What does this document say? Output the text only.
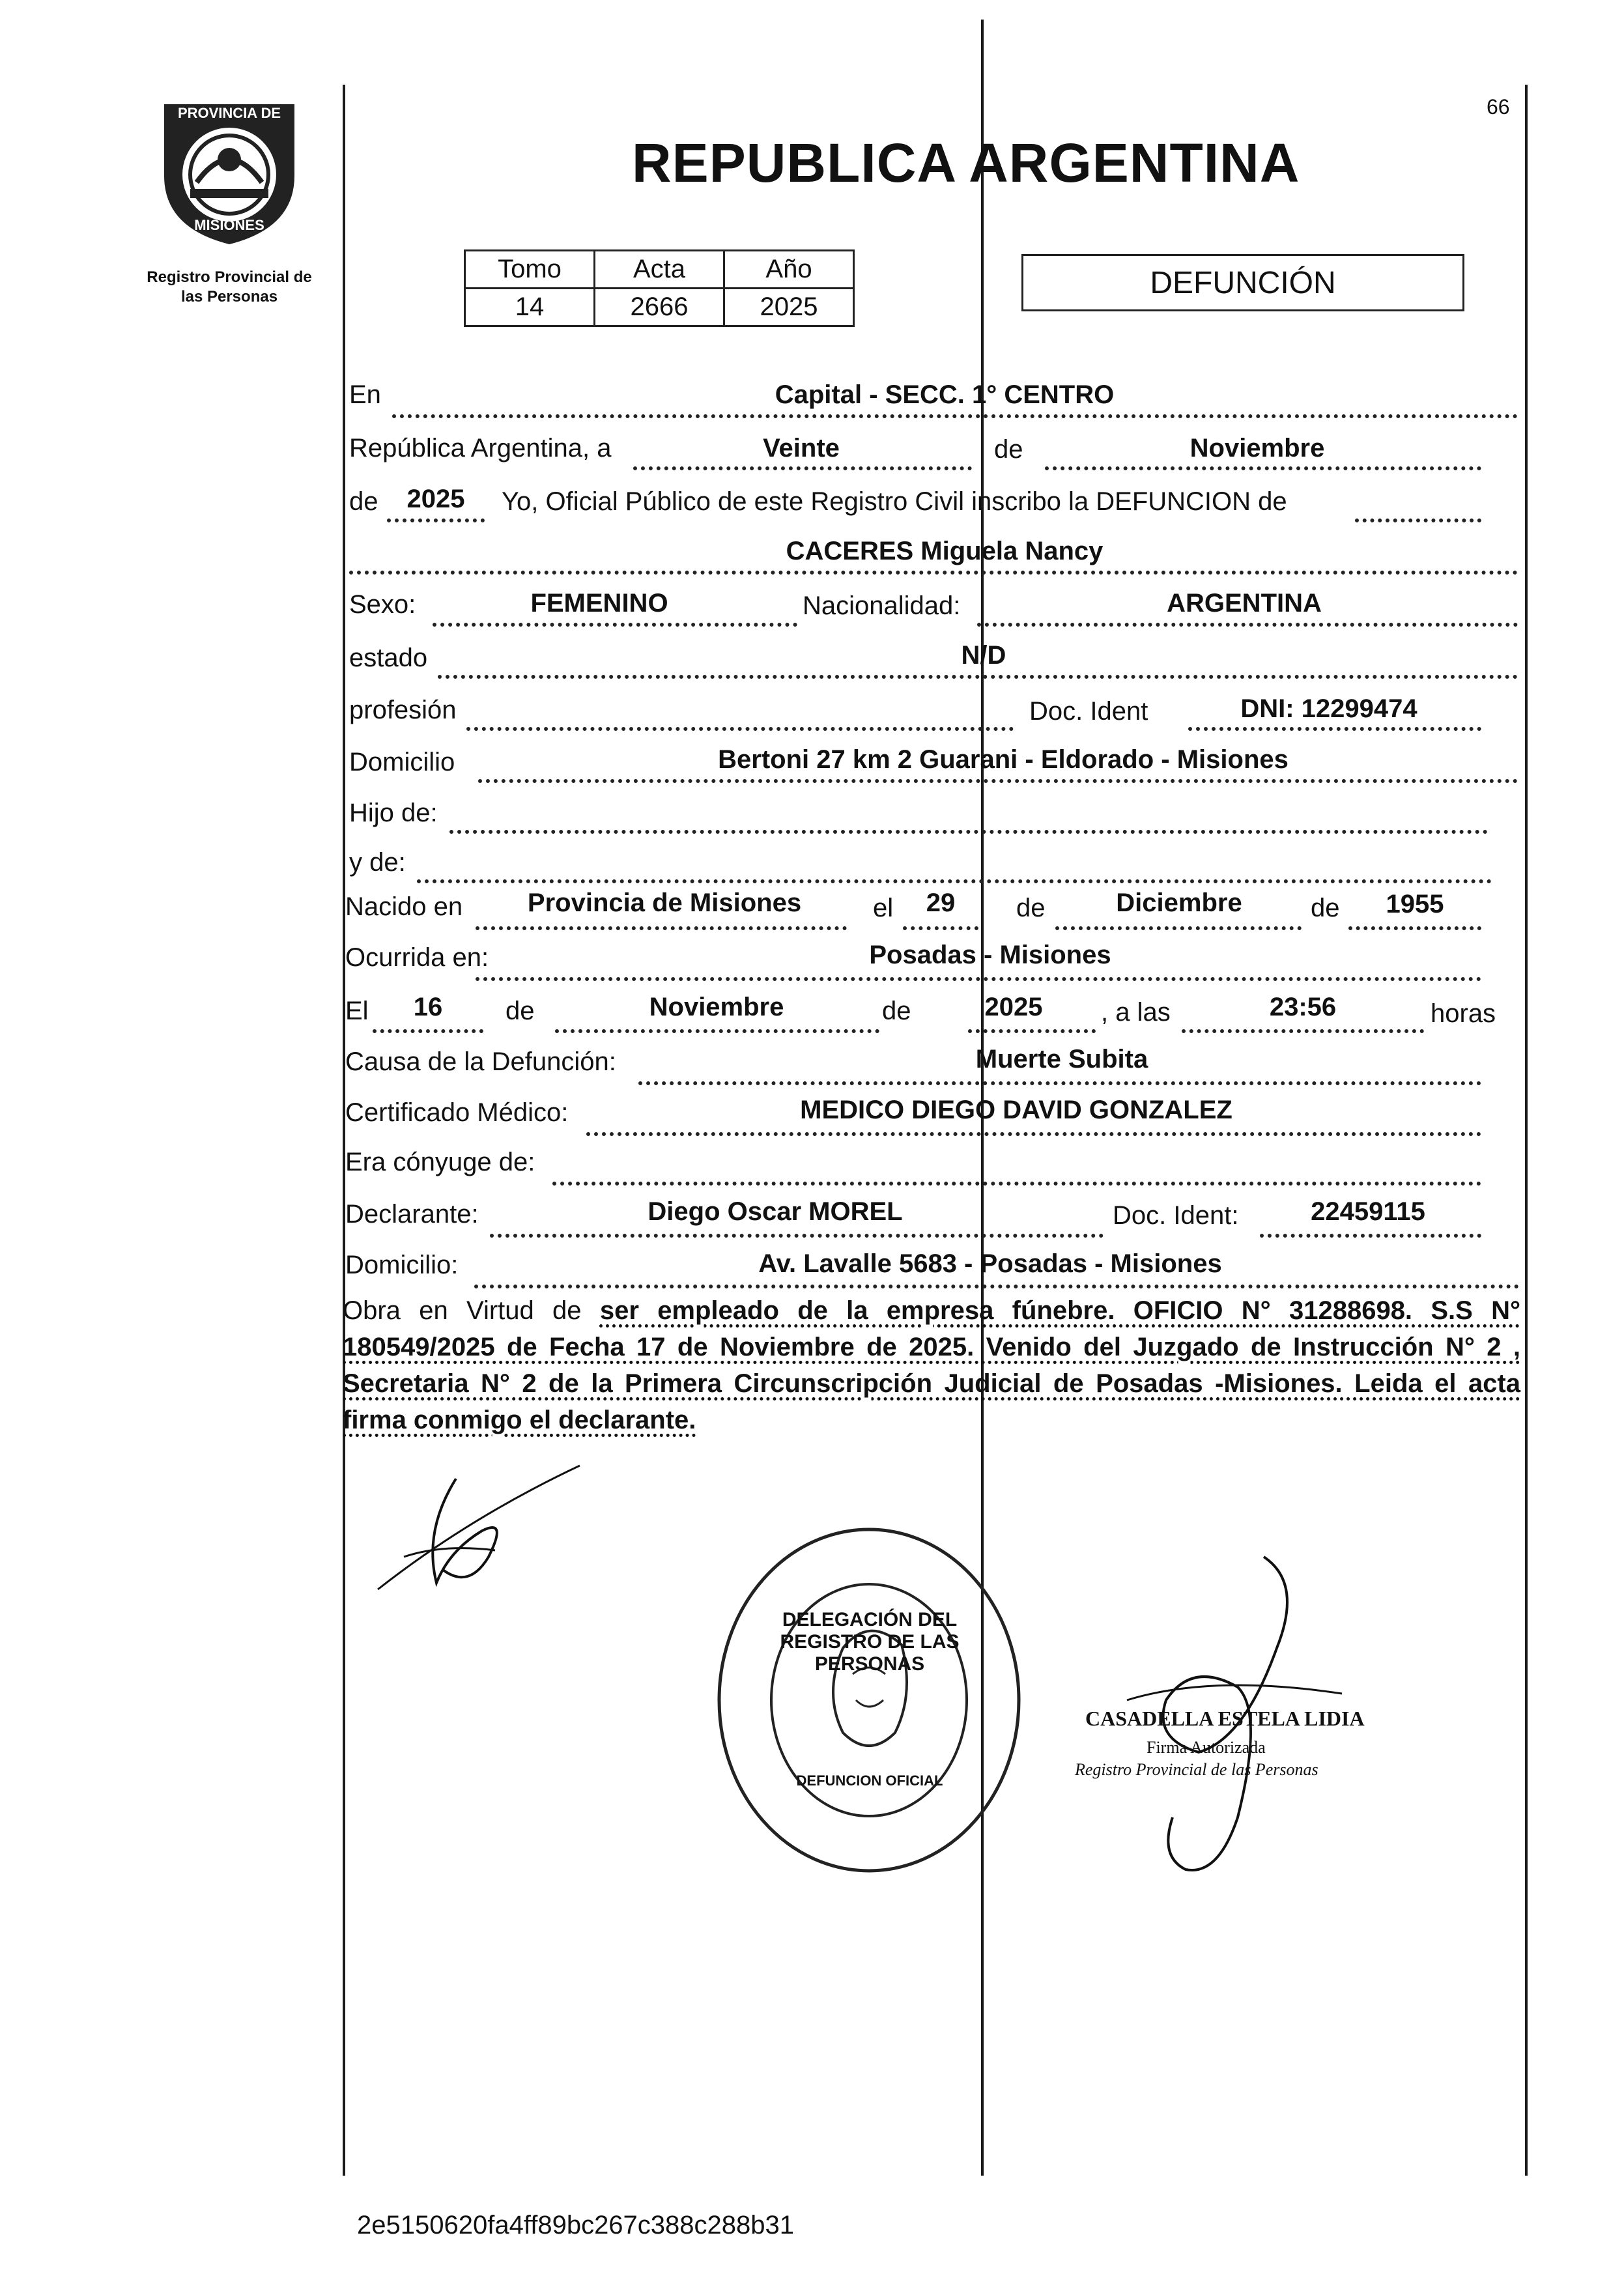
66
PROVINCIA DE
MISIONES
Registro Provincial de
las Personas
REPUBLICA ARGENTINA
Tomo	Acta	Año
14	2666	2025
DEFUNCIÓN
En	Capital - SECC. 1° CENTRO
República Argentina, a	Veinte	de	Noviembre
de	2025	Yo, Oficial Público de este Registro Civil inscribo la DEFUNCION de
CACERES Miguela Nancy
Sexo:	FEMENINO	Nacionalidad:	ARGENTINA
estado	N/D
profesión	Doc. Ident	DNI: 12299474
Domicilio	Bertoni 27 km 2 Guarani - Eldorado - Misiones
Hijo de:
y de:
Nacido en	Provincia de Misiones	el	29	de	Diciembre	de	1955
Ocurrida en:	Posadas - Misiones
El	16	de	Noviembre	de	2025	, a las	23:56	horas
Causa de la Defunción:	Muerte Subita
Certificado Médico:	MEDICO DIEGO DAVID GONZALEZ
Era cónyuge de:
Declarante:	Diego Oscar MOREL	Doc. Ident:	22459115
Domicilio:	Av. Lavalle 5683 - Posadas - Misiones
Obra en Virtud de ser empleado de la empresa fúnebre. OFICIO N° 31288698. S.S N° 180549/2025 de Fecha 17 de Noviembre de 2025. Venido del Juzgado de Instrucción N° 2 , Secretaria N° 2 de la Primera Circunscripción Judicial de Posadas -Misiones. Leida el acta firma conmigo el declarante.
DELEGACIÓN DEL REGISTRO DE LAS PERSONAS
DEFUNCION OFICIAL
CASADELLA ESTELA LIDIA
Firma Autorizada
Registro Provincial de las Personas
2e5150620fa4ff89bc267c388c288b31
